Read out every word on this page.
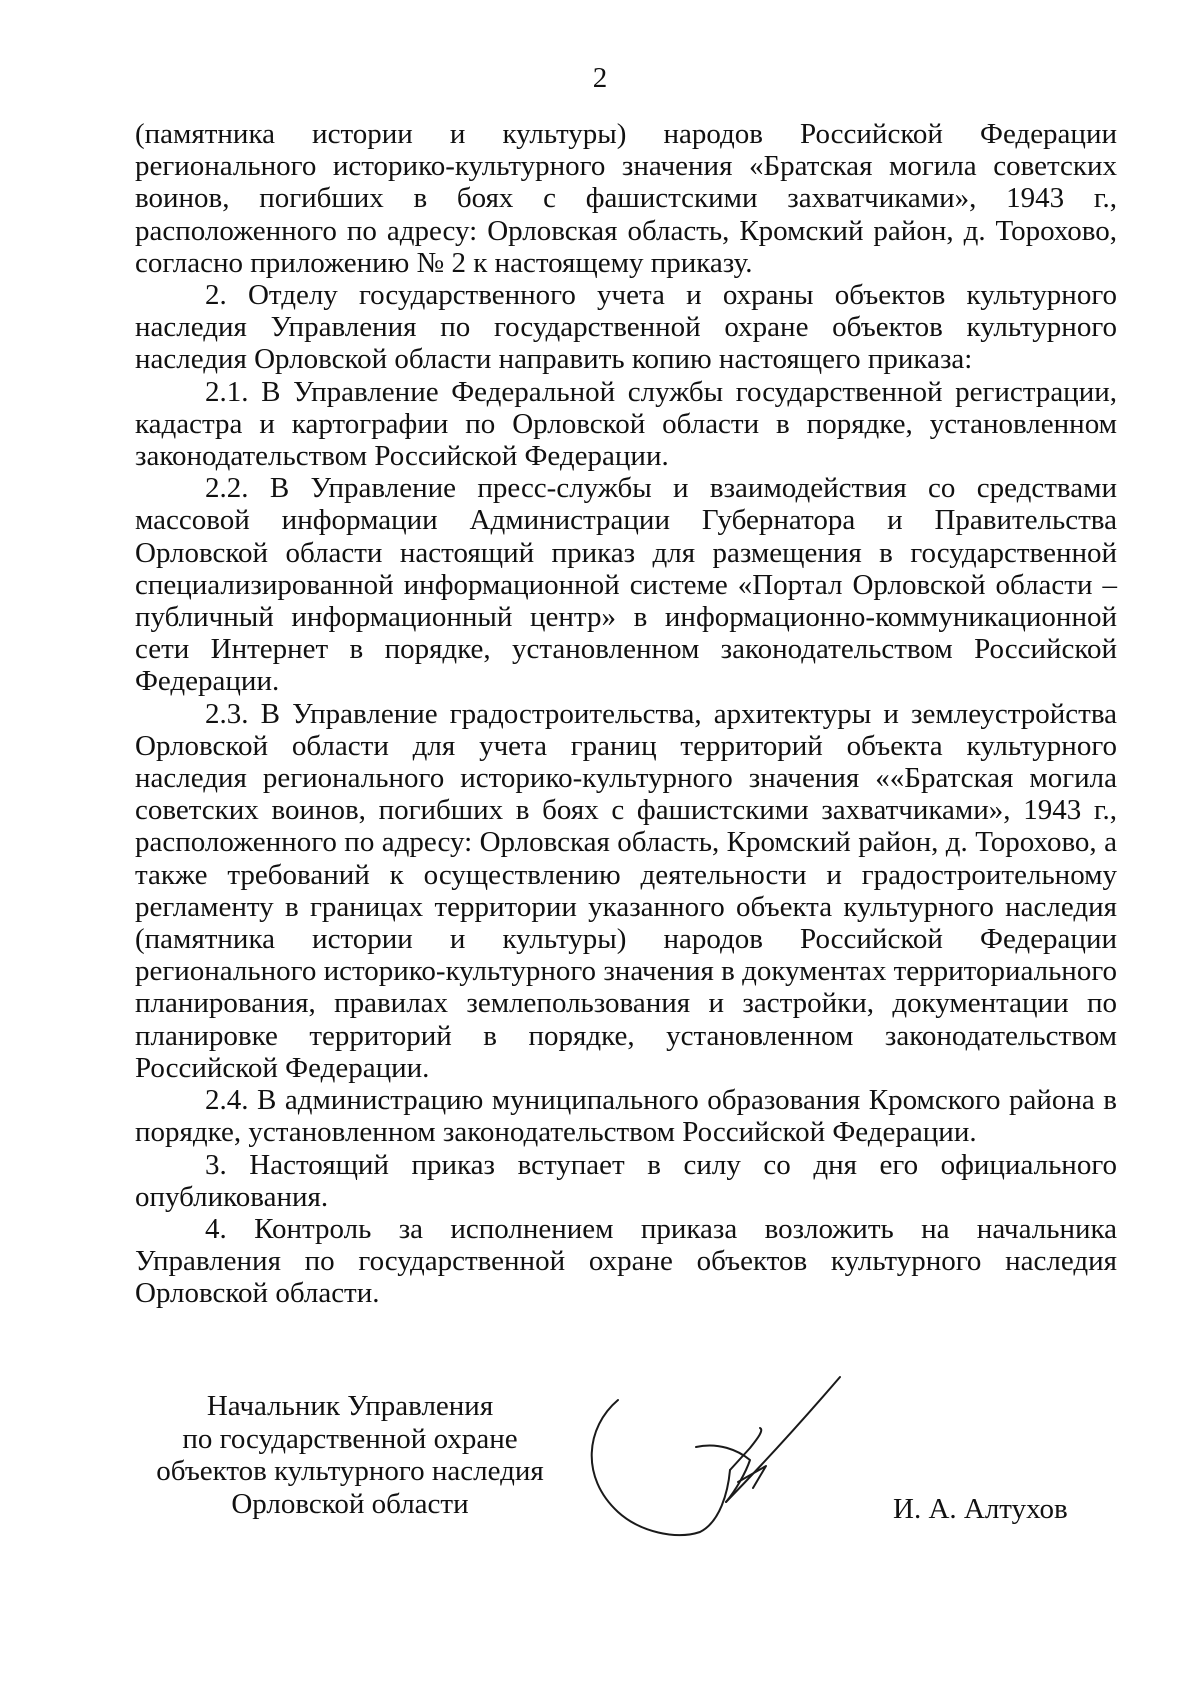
2

(памятника истории и культуры) народов Российской Федерации регионального историко-культурного значения «Братская могила советских воинов, погибших в боях с фашистскими захватчиками», 1943 г., расположенного по адресу: Орловская область, Кромский район, д. Торохово, согласно приложению № 2 к настоящему приказу.

2. Отделу государственного учета и охраны объектов культурного наследия Управления по государственной охране объектов культурного наследия Орловской области направить копию настоящего приказа:

2.1. В Управление Федеральной службы государственной регистрации, кадастра и картографии по Орловской области в порядке, установленном законодательством Российской Федерации.

2.2. В Управление пресс-службы и взаимодействия со средствами массовой информации Администрации Губернатора и Правительства Орловской области настоящий приказ для размещения в государственной специализированной информационной системе «Портал Орловской области – публичный информационный центр» в информационно-коммуникационной сети Интернет в порядке, установленном законодательством Российской Федерации.

2.3. В Управление градостроительства, архитектуры и землеустройства Орловской области для учета границ территорий объекта культурного наследия регионального историко-культурного значения ««Братская могила советских воинов, погибших в боях с фашистскими захватчиками», 1943 г., расположенного по адресу: Орловская область, Кромский район, д. Торохово, а также требований к осуществлению деятельности и градостроительному регламенту в границах территории указанного объекта культурного наследия (памятника истории и культуры) народов Российской Федерации регионального историко-культурного значения в документах территориального планирования, правилах землепользования и застройки, документации по планировке территорий в порядке, установленном законодательством Российской Федерации.

2.4. В администрацию муниципального образования Кромского района в порядке, установленном законодательством Российской Федерации.

3. Настоящий приказ вступает в силу со дня его официального опубликования.

4. Контроль за исполнением приказа возложить на начальника Управления по государственной охране объектов культурного наследия Орловской области.

Начальник Управления
по государственной охране
объектов культурного наследия
Орловской области	И. А. Алтухов
